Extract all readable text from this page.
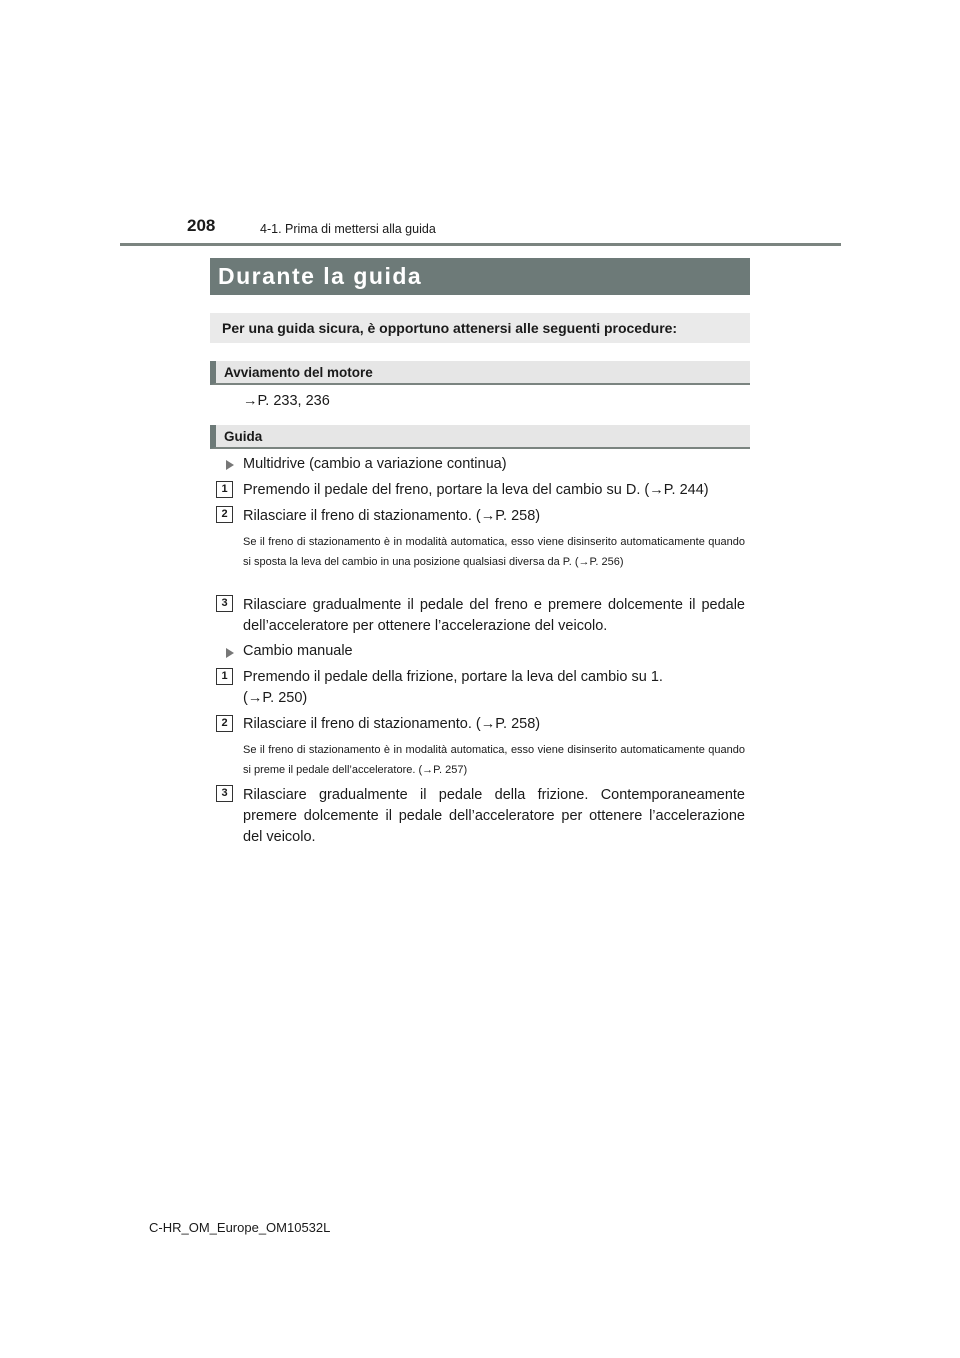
208	4-1. Prima di mettersi alla guida
Durante la guida
Per una guida sicura, è opportuno attenersi alle seguenti procedure:
Avviamento del motore
→P. 233, 236
Guida
Multidrive (cambio a variazione continua)
1	Premendo il pedale del freno, portare la leva del cambio su D. (→P. 244)
2	Rilasciare il freno di stazionamento. (→P. 258)
Se il freno di stazionamento è in modalità automatica, esso viene disinserito automaticamente quando si sposta la leva del cambio in una posizione qualsiasi diversa da P. (→P. 256)
3	Rilasciare gradualmente il pedale del freno e premere dolcemente il pedale dell’acceleratore per ottenere l’accelerazione del veicolo.
Cambio manuale
1	Premendo il pedale della frizione, portare la leva del cambio su 1.
(→P. 250)
2	Rilasciare il freno di stazionamento. (→P. 258)
Se il freno di stazionamento è in modalità automatica, esso viene disinserito automaticamente quando si preme il pedale dell’acceleratore. (→P. 257)
3	Rilasciare gradualmente il pedale della frizione. Contemporaneamente premere dolcemente il pedale dell’acceleratore per ottenere l’accelerazione del veicolo.
C-HR_OM_Europe_OM10532L
